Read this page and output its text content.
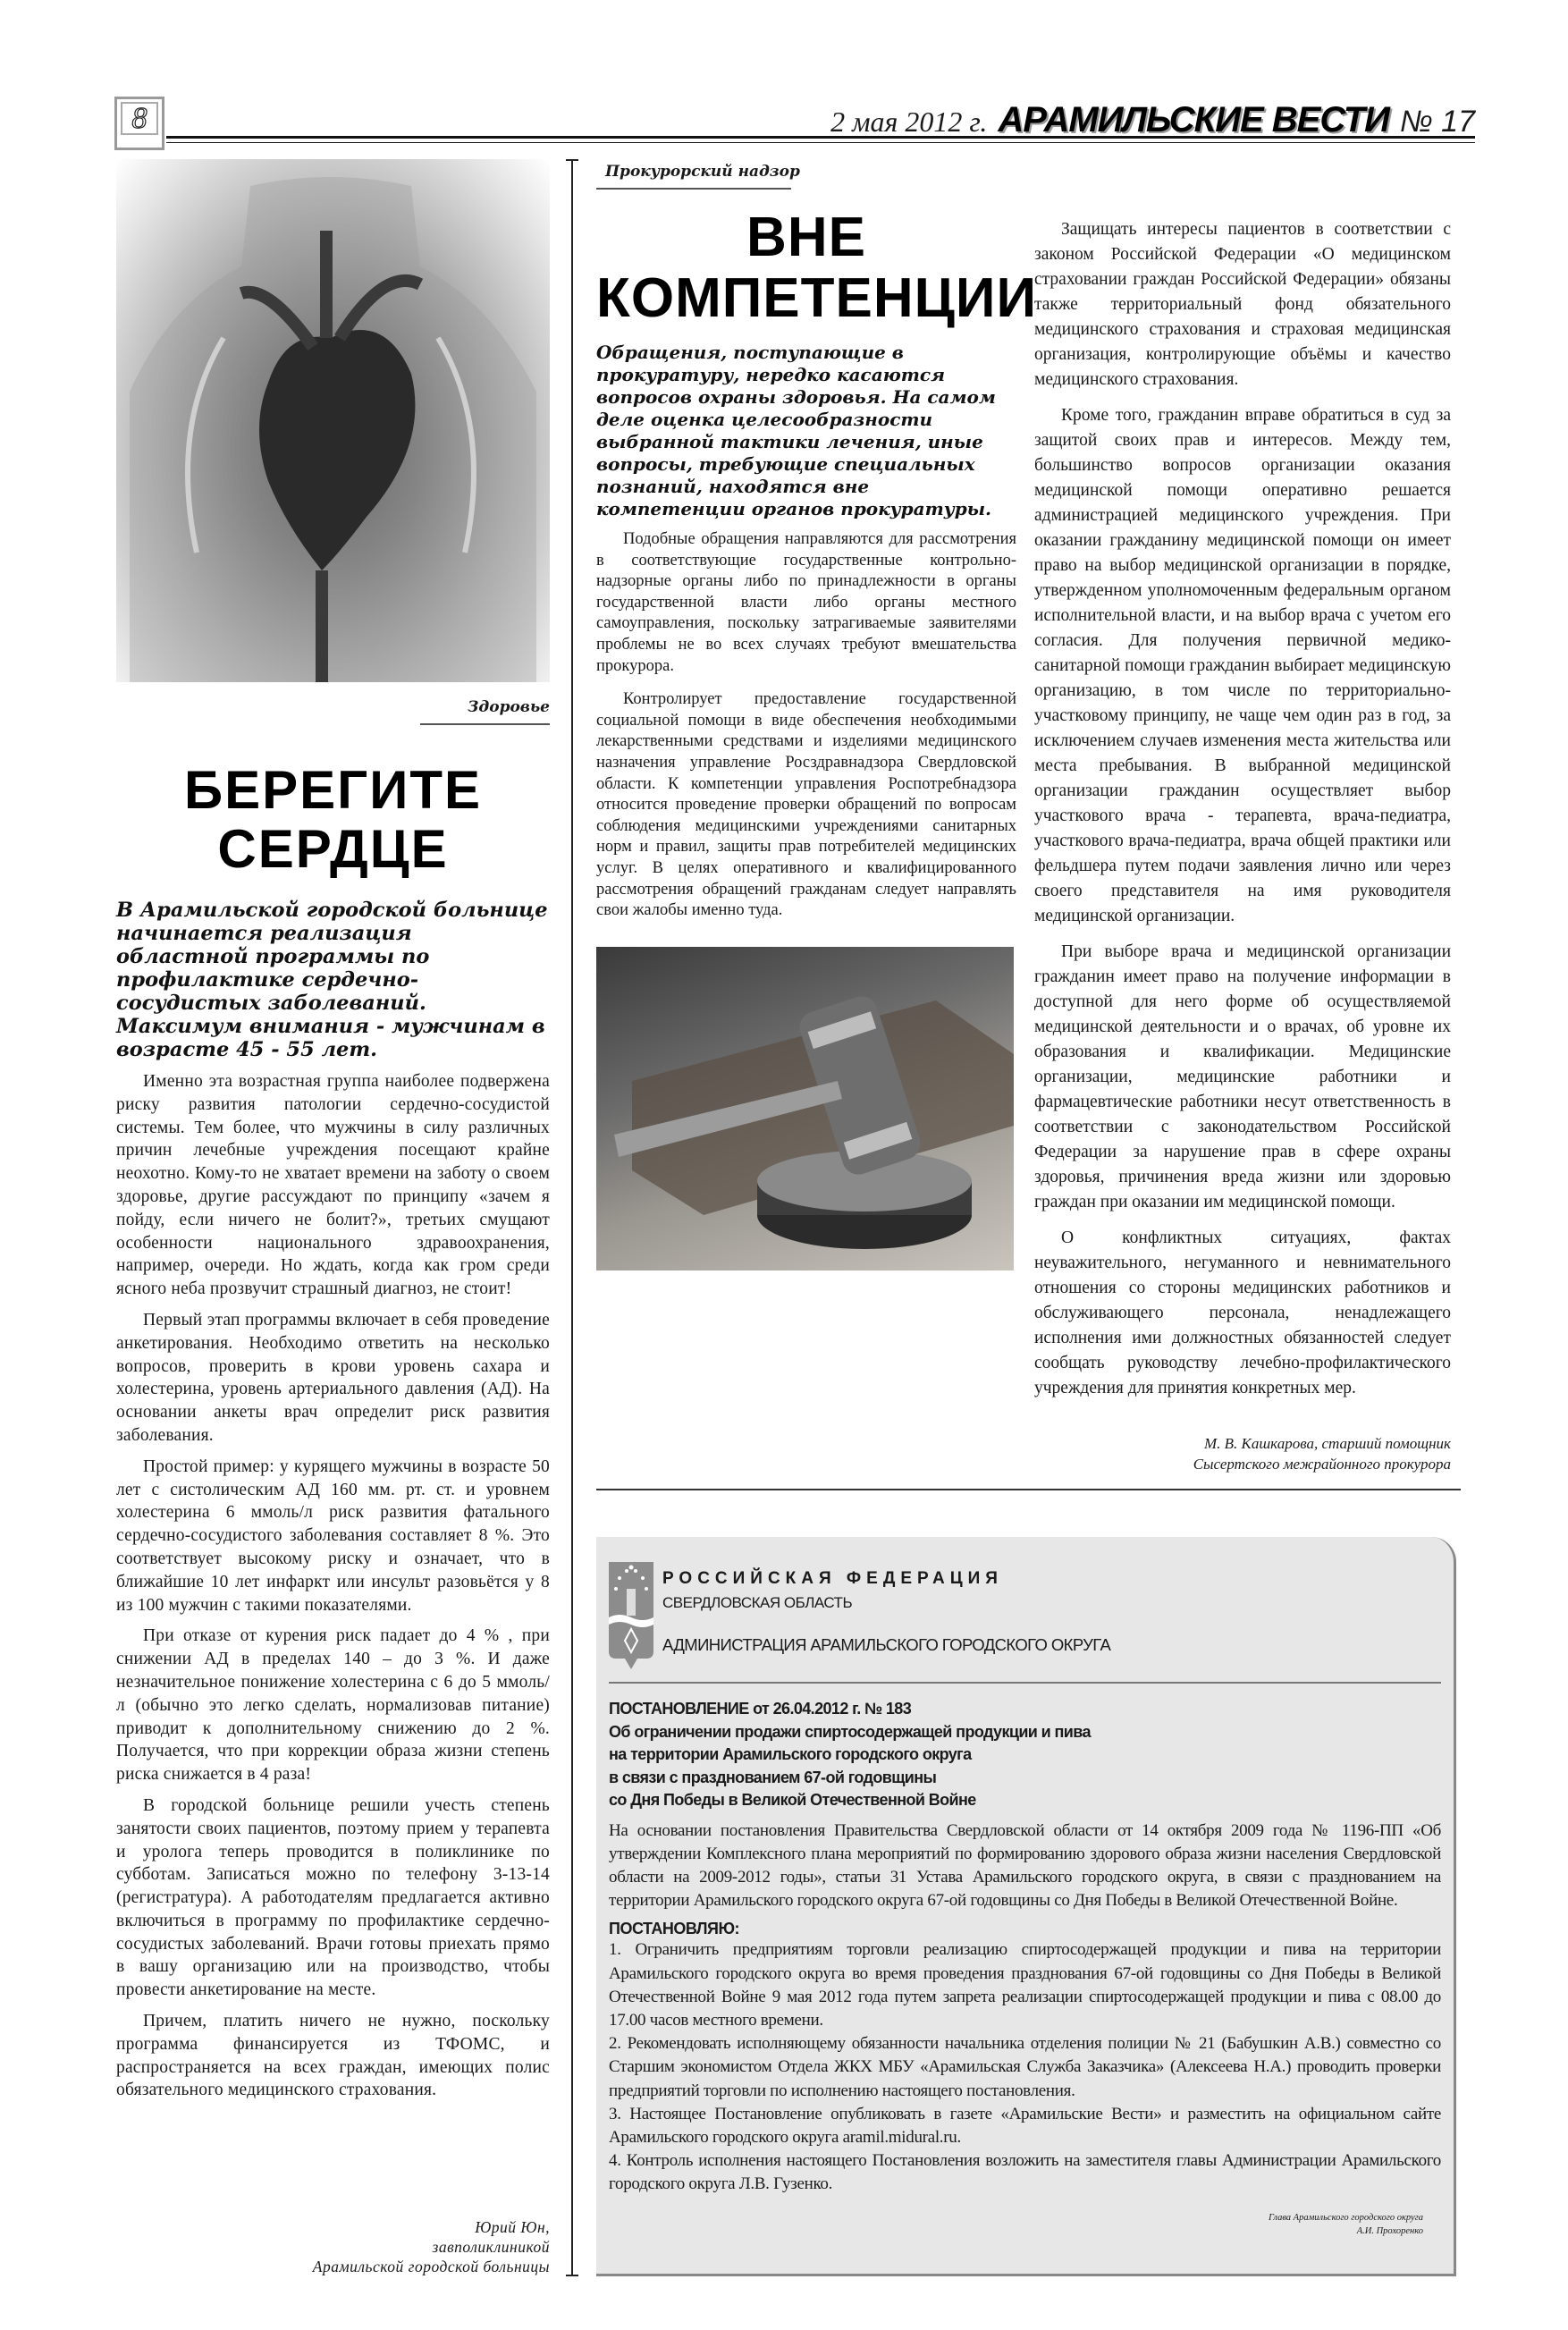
8	2 мая 2012 г. АРАМИЛЬСКИЕ ВЕСТИ № 17
Здоровье
БЕРЕГИТЕ
СЕРДЦЕ
В Арамильской городской больнице начинается реализация областной программы по профилактике сердечно-сосудистых заболеваний.
Максимум внимания - мужчинам в возрасте 45 - 55 лет.

Именно эта возрастная группа наиболее подвержена риску развития патологии сердечно-сосудистой системы. Тем более, что мужчины в силу различных причин лечебные учреждения посещают крайне неохотно. Кому-то не хватает времени на заботу о своем здоровье, другие рассуждают по принципу «зачем я пойду, если ничего не болит?», третьих смущают особенности национального здравоохранения, например, очереди. Но ждать, когда как гром среди ясного неба прозвучит страшный диагноз, не стоит!

Первый этап программы включает в себя проведение анкетирования. Необходимо ответить на несколько вопросов, проверить в крови уровень сахара и холестерина, уровень артериального давления (АД). На основании анкеты врач определит риск развития заболевания.

Простой пример: у курящего мужчины в возрасте 50 лет с систолическим АД 160 мм. рт. ст. и уровнем холестерина 6 ммоль/л риск развития фатального сердечно-сосудистого заболевания составляет 8 %. Это соответствует высокому риску и означает, что в ближайшие 10 лет инфаркт или инсульт разовьётся у 8 из 100 мужчин с такими показателями.

При отказе от курения риск падает до 4 % , при снижении АД в пределах 140 – до 3 %. И даже незначительное понижение холестерина с 6 до 5 ммоль/л (обычно это легко сделать, нормализовав питание) приводит к дополнительному снижению до 2 %. Получается, что при коррекции образа жизни степень риска снижается в 4 раза!

В городской больнице решили учесть степень занятости своих пациентов, поэтому прием у терапевта и уролога теперь проводится в поликлинике по субботам. Записаться можно по телефону 3-13-14 (регистратура). А работодателям предлагается активно включиться в программу по профилактике сердечно-сосудистых заболеваний. Врачи готовы приехать прямо в вашу организацию или на производство, чтобы провести анкетирование на месте.

Причем, платить ничего не нужно, поскольку программа финансируется из ТФОМС, и распространяется на всех граждан, имеющих полис обязательного медицинского страхования.

Юрий Юн,
завполиклиникой
Арамильской городской больницы
Прокурорский надзор
ВНЕ
КОМПЕТЕНЦИИ
Обращения, поступающие в прокуратуру, нередко касаются вопросов охраны здоровья. На самом деле оценка целесообразности выбранной тактики лечения, иные вопросы, требующие специальных познаний, находятся вне компетенции органов прокуратуры.

Подобные обращения направляются для рассмотрения в соответствующие государственные контрольно-надзорные органы либо по принадлежности в органы государственной власти либо органы местного самоуправления, поскольку затрагиваемые заявителями проблемы не во всех случаях требуют вмешательства прокурора.

Контролирует предоставление государственной социальной помощи в виде обеспечения необходимыми лекарственными средствами и изделиями медицинского назначения управление Росздравнадзора Свердловской области. К компетенции управления Роспотребнадзора относится проведение проверки обращений по вопросам соблюдения медицинскими учреждениями санитарных норм и правил, защиты прав потребителей медицинских услуг. В целях оперативного и квалифицированного рассмотрения обращений гражданам следует направлять свои жалобы именно туда.

Защищать интересы пациентов в соответствии с законом Российской Федерации «О медицинском страховании граждан Российской Федерации» обязаны также территориальный фонд обязательного медицинского страхования и страховая медицинская организация, контролирующие объёмы и качество медицинского страхования.

Кроме того, гражданин вправе обратиться в суд за защитой своих прав и интересов. Между тем, большинство вопросов организации оказания медицинской помощи оперативно решается администрацией медицинского учреждения. При оказании гражданину медицинской помощи он имеет право на выбор медицинской организации в порядке, утвержденном уполномоченным федеральным органом исполнительной власти, и на выбор врача с учетом его согласия. Для получения первичной медико-санитарной помощи гражданин выбирает медицинскую организацию, в том числе по территориально-участковому принципу, не чаще чем один раз в год, за исключением случаев изменения места жительства или места пребывания. В выбранной медицинской организации гражданин осуществляет выбор участкового врача - терапевта, врача-педиатра, участкового врача-педиатра, врача общей практики или фельдшера путем подачи заявления лично или через своего представителя на имя руководителя медицинской организации.

При выборе врача и медицинской организации гражданин имеет право на получение информации в доступной для него форме об осуществляемой медицинской деятельности и о врачах, об уровне их образования и квалификации. Медицинские организации, медицинские работники и фармацевтические работники несут ответственность в соответствии с законодательством Российской Федерации за нарушение прав в сфере охраны здоровья, причинения вреда жизни или здоровью граждан при оказании им медицинской помощи.

О конфликтных ситуациях, фактах неуважительного, негуманного и невнимательного отношения со стороны медицинских работников и обслуживающего персонала, ненадлежащего исполнения ими должностных обязанностей следует сообщать руководству лечебно-профилактического учреждения для принятия конкретных мер.

М. В. Кашкарова, старший помощник
Сысертского межрайонного прокурора
РОССИЙСКАЯ ФЕДЕРАЦИЯ
СВЕРДЛОВСКАЯ ОБЛАСТЬ
АДМИНИСТРАЦИЯ АРАМИЛЬСКОГО ГОРОДСКОГО ОКРУГА
ПОСТАНОВЛЕНИЕ от 26.04.2012 г. № 183
Об ограничении продажи спиртосодержащей продукции и пива
на территории Арамильского городского округа
в связи с празднованием 67-ой годовщины
со Дня Победы в Великой Отечественной Войне

На основании постановления Правительства Свердловской области от 14 октября 2009 года № 1196-ПП «Об утверждении Комплексного плана мероприятий по формированию здорового образа жизни населения Свердловской области на 2009-2012 годы», статьи 31 Устава Арамильского городского округа, в связи с празднованием на территории Арамильского городского округа 67-ой годовщины со Дня Победы в Великой Отечественной Войне.

ПОСТАНОВЛЯЮ:

1. Ограничить предприятиям торговли реализацию спиртосодержащей продукции и пива на территории Арамильского городского округа во время проведения празднования 67-ой годовщины со Дня Победы в Великой Отечественной Войне 9 мая 2012 года путем запрета реализации спиртосодержащей продукции и пива с 08.00 до 17.00 часов местного времени.

2. Рекомендовать исполняющему обязанности начальника отделения полиции № 21 (Бабушкин А.В.) совместно со Старшим экономистом Отдела ЖКХ МБУ «Арамильская Служба Заказчика» (Алексеева Н.А.) проводить проверки предприятий торговли по исполнению настоящего постановления.

3. Настоящее Постановление опубликовать в газете «Арамильские Вести» и разместить на официальном сайте Арамильского городского округа aramil.midural.ru.

4. Контроль исполнения настоящего Постановления возложить на заместителя главы Администрации Арамильского городского округа Л.В. Гузенко.

Глава Арамильского городского округа
А.И. Прохоренко
